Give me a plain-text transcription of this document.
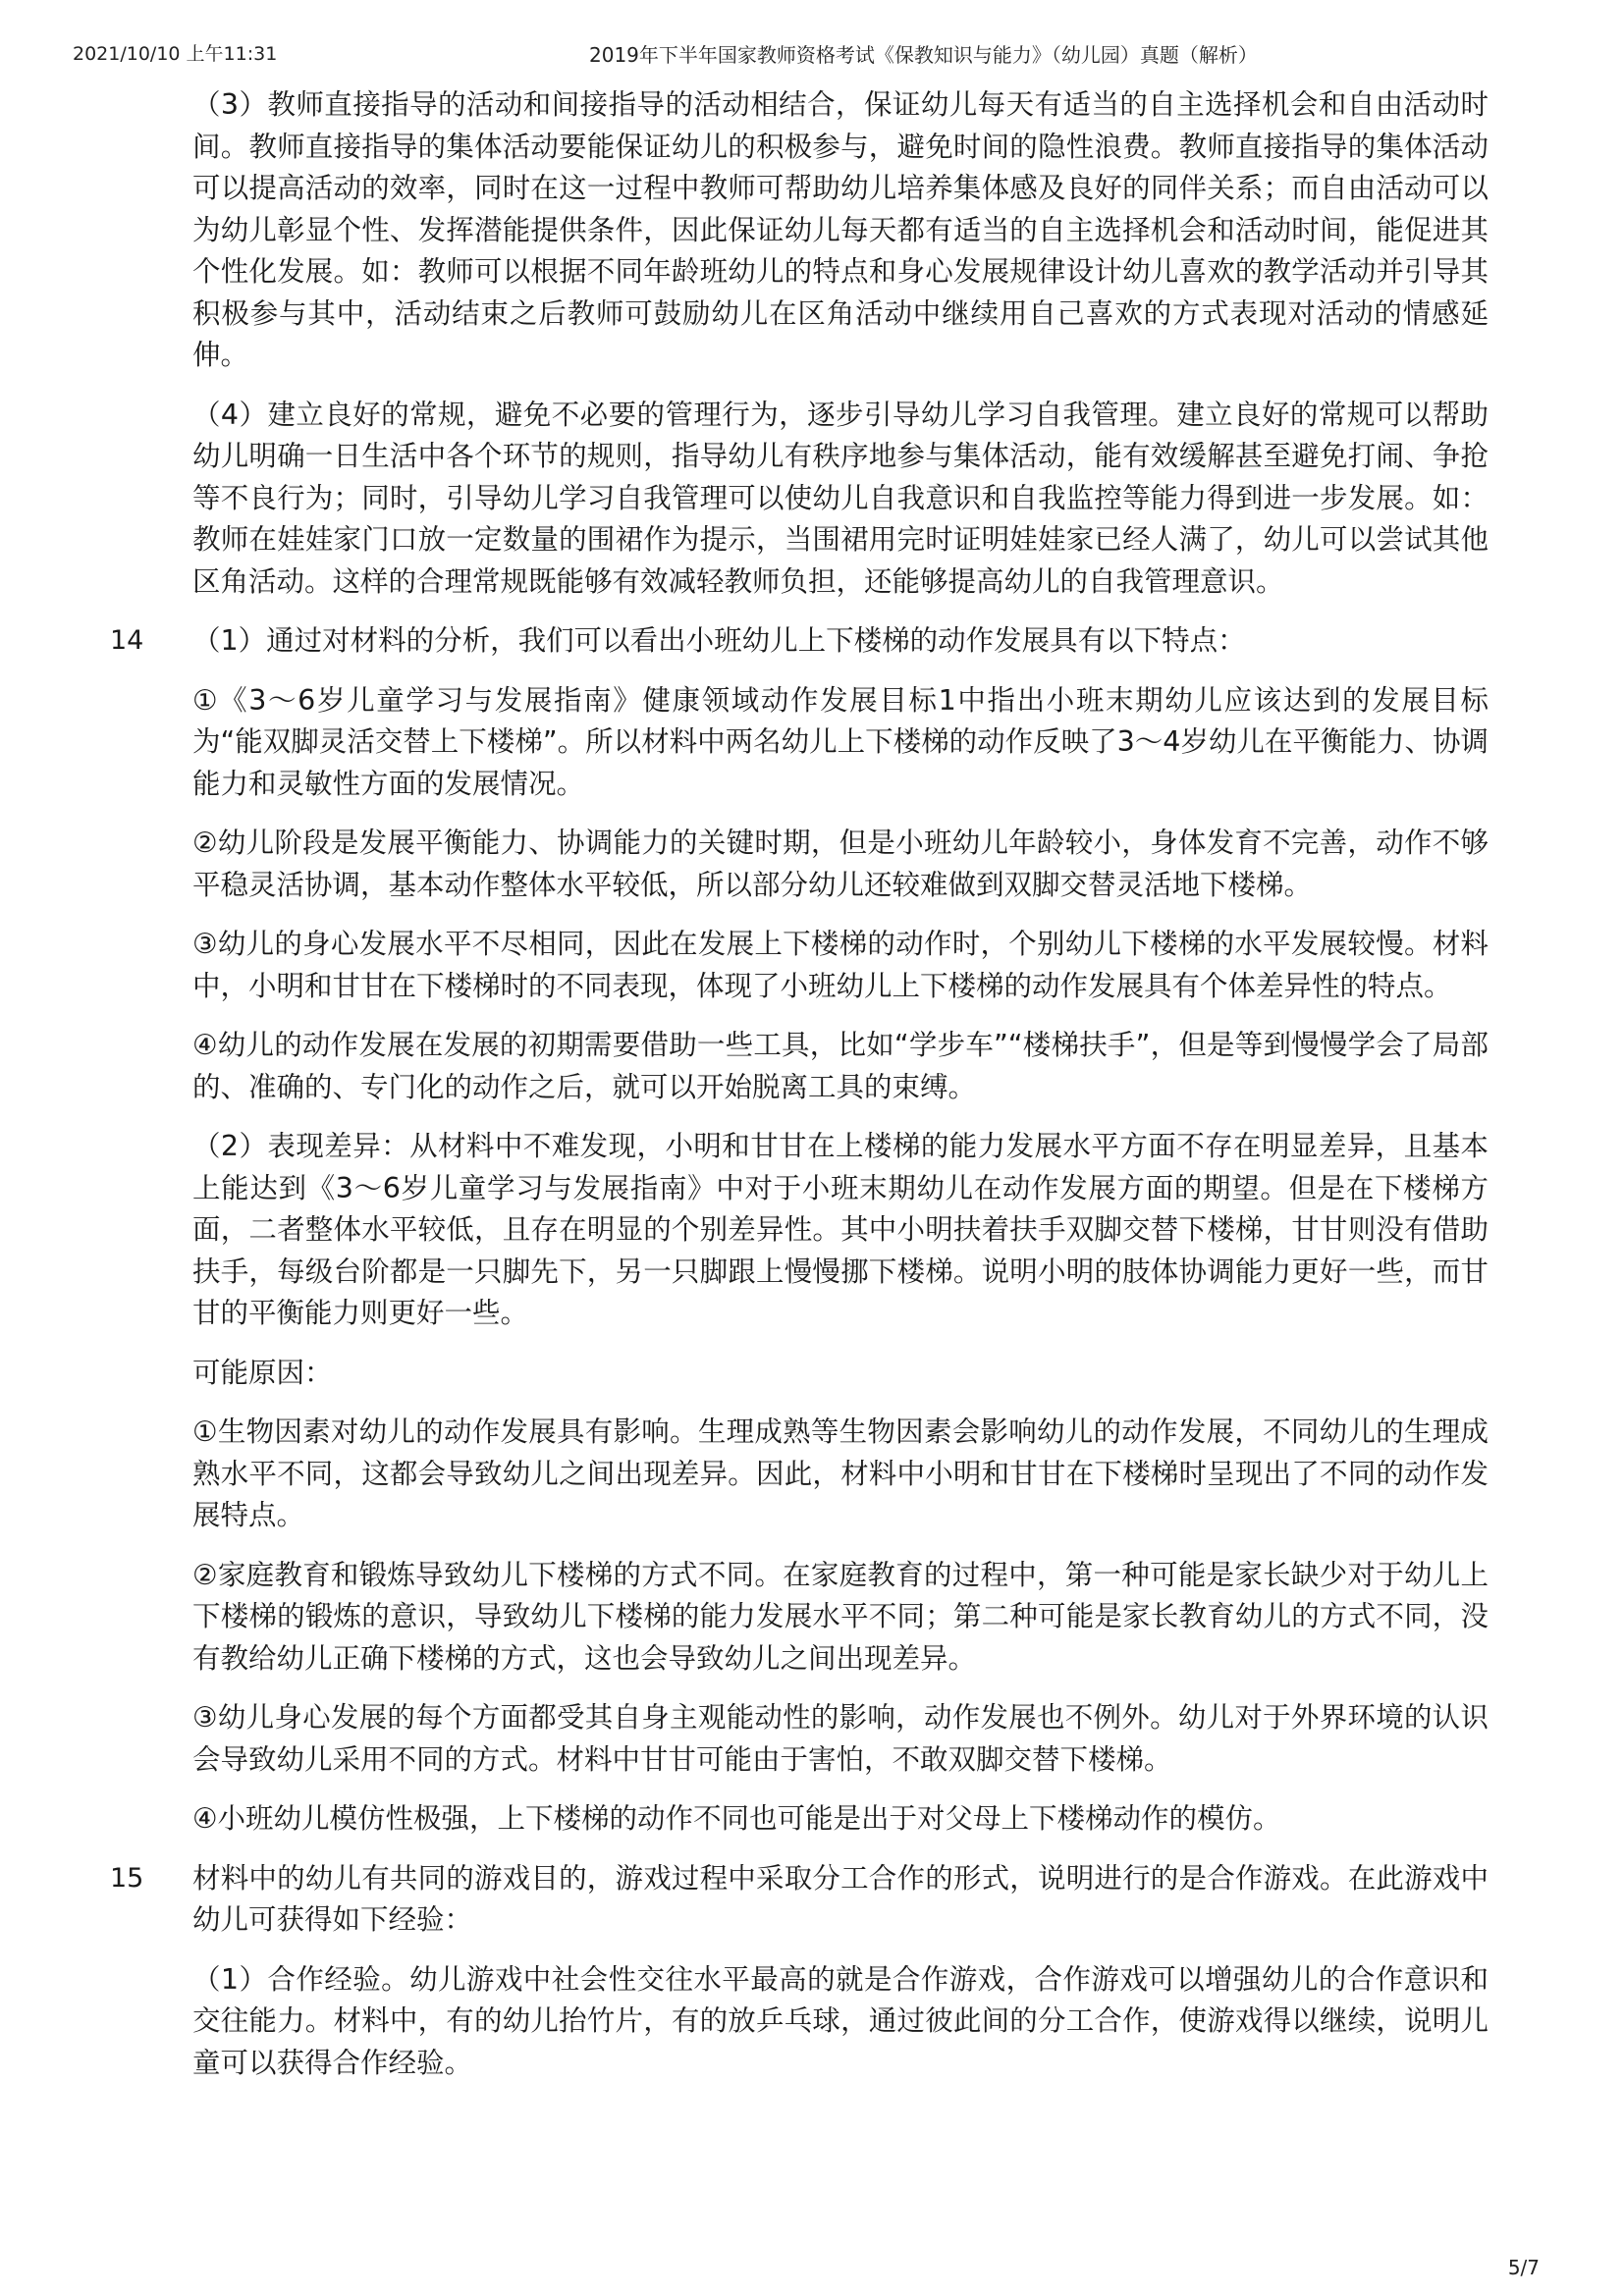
2021/10/10 上午11:31	2019年下半年国家教师资格考试《保教知识与能力》（幼儿园）真题（解析）
（3）教师直接指导的活动和间接指导的活动相结合，保证幼儿每天有适当的自主选择机会和自由活动时间。教师直接指导的集体活动要能保证幼儿的积极参与，避免时间的隐性浪费。教师直接指导的集体活动可以提高活动的效率，同时在这一过程中教师可帮助幼儿培养集体感及良好的同伴关系；而自由活动可以为幼儿彰显个性、发挥潜能提供条件，因此保证幼儿每天都有适当的自主选择机会和活动时间，能促进其个性化发展。如：教师可以根据不同年龄班幼儿的特点和身心发展规律设计幼儿喜欢的教学活动并引导其积极参与其中，活动结束之后教师可鼓励幼儿在区角活动中继续用自己喜欢的方式表现对活动的情感延伸。
（4）建立良好的常规，避免不必要的管理行为，逐步引导幼儿学习自我管理。建立良好的常规可以帮助幼儿明确一日生活中各个环节的规则，指导幼儿有秩序地参与集体活动，能有效缓解甚至避免打闹、争抢等不良行为；同时，引导幼儿学习自我管理可以使幼儿自我意识和自我监控等能力得到进一步发展。如：教师在娃娃家门口放一定数量的围裙作为提示，当围裙用完时证明娃娃家已经人满了，幼儿可以尝试其他区角活动。这样的合理常规既能够有效减轻教师负担，还能够提高幼儿的自我管理意识。
14 （1）通过对材料的分析，我们可以看出小班幼儿上下楼梯的动作发展具有以下特点：
①《3～6岁儿童学习与发展指南》健康领域动作发展目标1中指出小班末期幼儿应该达到的发展目标为“能双脚灵活交替上下楼梯”。所以材料中两名幼儿上下楼梯的动作反映了3～4岁幼儿在平衡能力、协调能力和灵敏性方面的发展情况。
②幼儿阶段是发展平衡能力、协调能力的关键时期，但是小班幼儿年龄较小，身体发育不完善，动作不够平稳灵活协调，基本动作整体水平较低，所以部分幼儿还较难做到双脚交替灵活地下楼梯。
③幼儿的身心发展水平不尽相同，因此在发展上下楼梯的动作时，个别幼儿下楼梯的水平发展较慢。材料中，小明和甘甘在下楼梯时的不同表现，体现了小班幼儿上下楼梯的动作发展具有个体差异性的特点。
④幼儿的动作发展在发展的初期需要借助一些工具，比如“学步车”“楼梯扶手”，但是等到慢慢学会了局部的、准确的、专门化的动作之后，就可以开始脱离工具的束缚。
（2）表现差异：从材料中不难发现，小明和甘甘在上楼梯的能力发展水平方面不存在明显差异，且基本上能达到《3～6岁儿童学习与发展指南》中对于小班末期幼儿在动作发展方面的期望。但是在下楼梯方面，二者整体水平较低，且存在明显的个别差异性。其中小明扶着扶手双脚交替下楼梯，甘甘则没有借助扶手，每级台阶都是一只脚先下，另一只脚跟上慢慢挪下楼梯。说明小明的肢体协调能力更好一些，而甘甘的平衡能力则更好一些。
可能原因：
①生物因素对幼儿的动作发展具有影响。生理成熟等生物因素会影响幼儿的动作发展，不同幼儿的生理成熟水平不同，这都会导致幼儿之间出现差异。因此，材料中小明和甘甘在下楼梯时呈现出了不同的动作发展特点。
②家庭教育和锻炼导致幼儿下楼梯的方式不同。在家庭教育的过程中，第一种可能是家长缺少对于幼儿上下楼梯的锻炼的意识，导致幼儿下楼梯的能力发展水平不同；第二种可能是家长教育幼儿的方式不同，没有教给幼儿正确下楼梯的方式，这也会导致幼儿之间出现差异。
③幼儿身心发展的每个方面都受其自身主观能动性的影响，动作发展也不例外。幼儿对于外界环境的认识会导致幼儿采用不同的方式。材料中甘甘可能由于害怕，不敢双脚交替下楼梯。
④小班幼儿模仿性极强，上下楼梯的动作不同也可能是出于对父母上下楼梯动作的模仿。
15 材料中的幼儿有共同的游戏目的，游戏过程中采取分工合作的形式，说明进行的是合作游戏。在此游戏中幼儿可获得如下经验：
（1）合作经验。幼儿游戏中社会性交往水平最高的就是合作游戏，合作游戏可以增强幼儿的合作意识和交往能力。材料中，有的幼儿抬竹片，有的放乒乓球，通过彼此间的分工合作，使游戏得以继续，说明儿童可以获得合作经验。
5/7
